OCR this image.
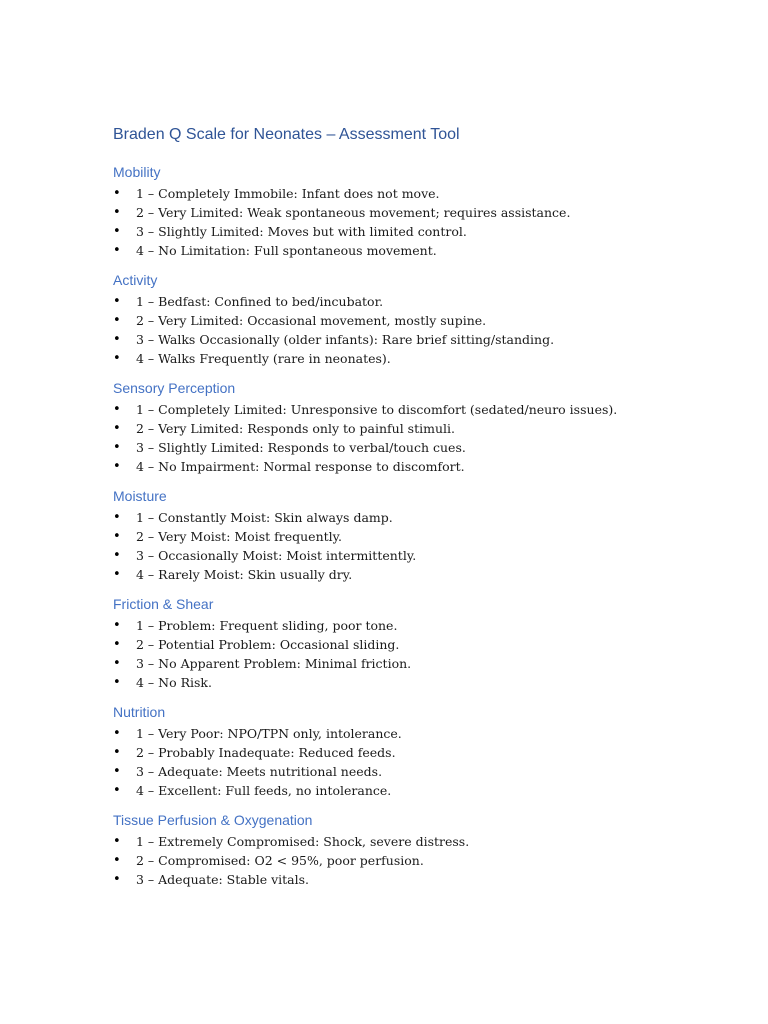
Braden Q Scale for Neonates – Assessment Tool
Mobility
• 1 – Completely Immobile: Infant does not move.
• 2 – Very Limited: Weak spontaneous movement; requires assistance.
• 3 – Slightly Limited: Moves but with limited control.
• 4 – No Limitation: Full spontaneous movement.
Activity
• 1 – Bedfast: Confined to bed/incubator.
• 2 – Very Limited: Occasional movement, mostly supine.
• 3 – Walks Occasionally (older infants): Rare brief sitting/standing.
• 4 – Walks Frequently (rare in neonates).
Sensory Perception
• 1 – Completely Limited: Unresponsive to discomfort (sedated/neuro issues).
• 2 – Very Limited: Responds only to painful stimuli.
• 3 – Slightly Limited: Responds to verbal/touch cues.
• 4 – No Impairment: Normal response to discomfort.
Moisture
• 1 – Constantly Moist: Skin always damp.
• 2 – Very Moist: Moist frequently.
• 3 – Occasionally Moist: Moist intermittently.
• 4 – Rarely Moist: Skin usually dry.
Friction & Shear
• 1 – Problem: Frequent sliding, poor tone.
• 2 – Potential Problem: Occasional sliding.
• 3 – No Apparent Problem: Minimal friction.
• 4 – No Risk.
Nutrition
• 1 – Very Poor: NPO/TPN only, intolerance.
• 2 – Probably Inadequate: Reduced feeds.
• 3 – Adequate: Meets nutritional needs.
• 4 – Excellent: Full feeds, no intolerance.
Tissue Perfusion & Oxygenation
• 1 – Extremely Compromised: Shock, severe distress.
• 2 – Compromised: O2 < 95%, poor perfusion.
• 3 – Adequate: Stable vitals.
